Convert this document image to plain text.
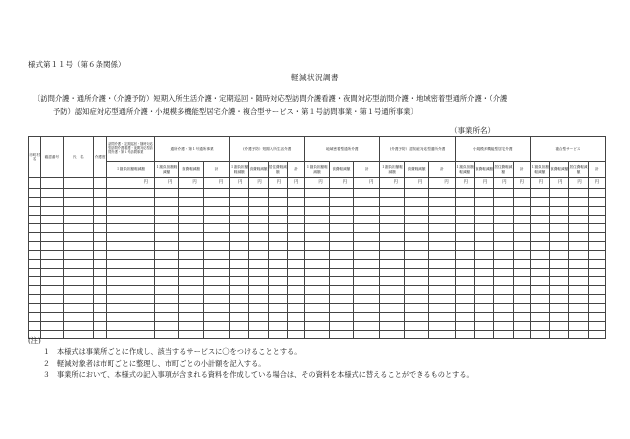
様式第１１号（第６条関係）
軽減状況調書
〔訪問介護・通所介護・（介護予防）短期入所生活介護・定期巡回・随時対応型訪問介護看護・夜間対応型訪問介護・地域密着型通所介護・（介護
予防）認知症対応型通所介護・小規模多機能型居宅介護・複合型サービス・第１号訪問事業・第１号通所事業〕
（事業所名）
市町村名	確認番号	氏　名	介護度	訪問介護・定期巡回・随時対応型訪問介護看護・夜間対応型訪問介護・第１号訪問事業	通所介護・第１号通所事業			(介護予防）短期入所生活介護				地域密着型通所介護			(介護予防）認知症対応型通所介護			小規模多機能型居宅介護				複合型サービス			
				１割負担額軽減額	１割負担額軽減額	食費軽減額	計	１割負担額軽減額	食費軽減額	居住費軽減額	計	１割負担額軽減額	食費軽減額	計	１割負担額軽減額	食費軽減額	計	１割負担額軽減額	食費軽減額	居住費軽減額	計	１割負担額軽減額	食費軽減額	居住費軽減額	計
				円	円	円	円	円	円	円	円	円	円	円	円	円	円	円	円	円	円	円	円	円	円

(注)
１ 本様式は事業所ごとに作成し、該当するサービスに〇をつけることとする。
２ 軽減対象者は市町ごとに整理し、市町ごとの小計額を記入する。
３ 事業所において、本様式の記入事項が含まれる資料を作成している場合は、その資料を本様式に替えることができるものとする。
